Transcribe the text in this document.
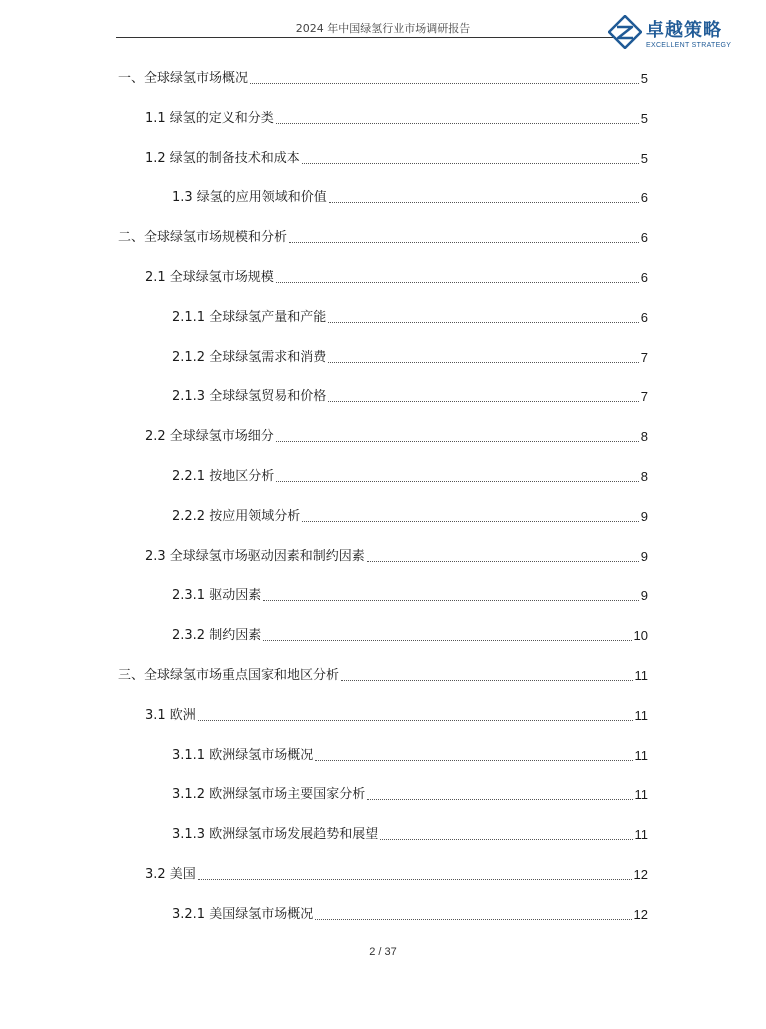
2024 年中国绿氢行业市场调研报告	卓越策略
EXCELLENT STRATEGY
一、全球绿氢市场概况	5
1.1 绿氢的定义和分类	5
1.2 绿氢的制备技术和成本	5
1.3 绿氢的应用领域和价值	6
二、全球绿氢市场规模和分析	6
2.1 全球绿氢市场规模	6
2.1.1 全球绿氢产量和产能	6
2.1.2 全球绿氢需求和消费	7
2.1.3 全球绿氢贸易和价格	7
2.2 全球绿氢市场细分	8
2.2.1 按地区分析	8
2.2.2 按应用领域分析	9
2.3 全球绿氢市场驱动因素和制约因素	9
2.3.1 驱动因素	9
2.3.2 制约因素	10
三、全球绿氢市场重点国家和地区分析	11
3.1 欧洲	11
3.1.1 欧洲绿氢市场概况	11
3.1.2 欧洲绿氢市场主要国家分析	11
3.1.3 欧洲绿氢市场发展趋势和展望	11
3.2 美国	12
3.2.1 美国绿氢市场概况	12
2 / 37
